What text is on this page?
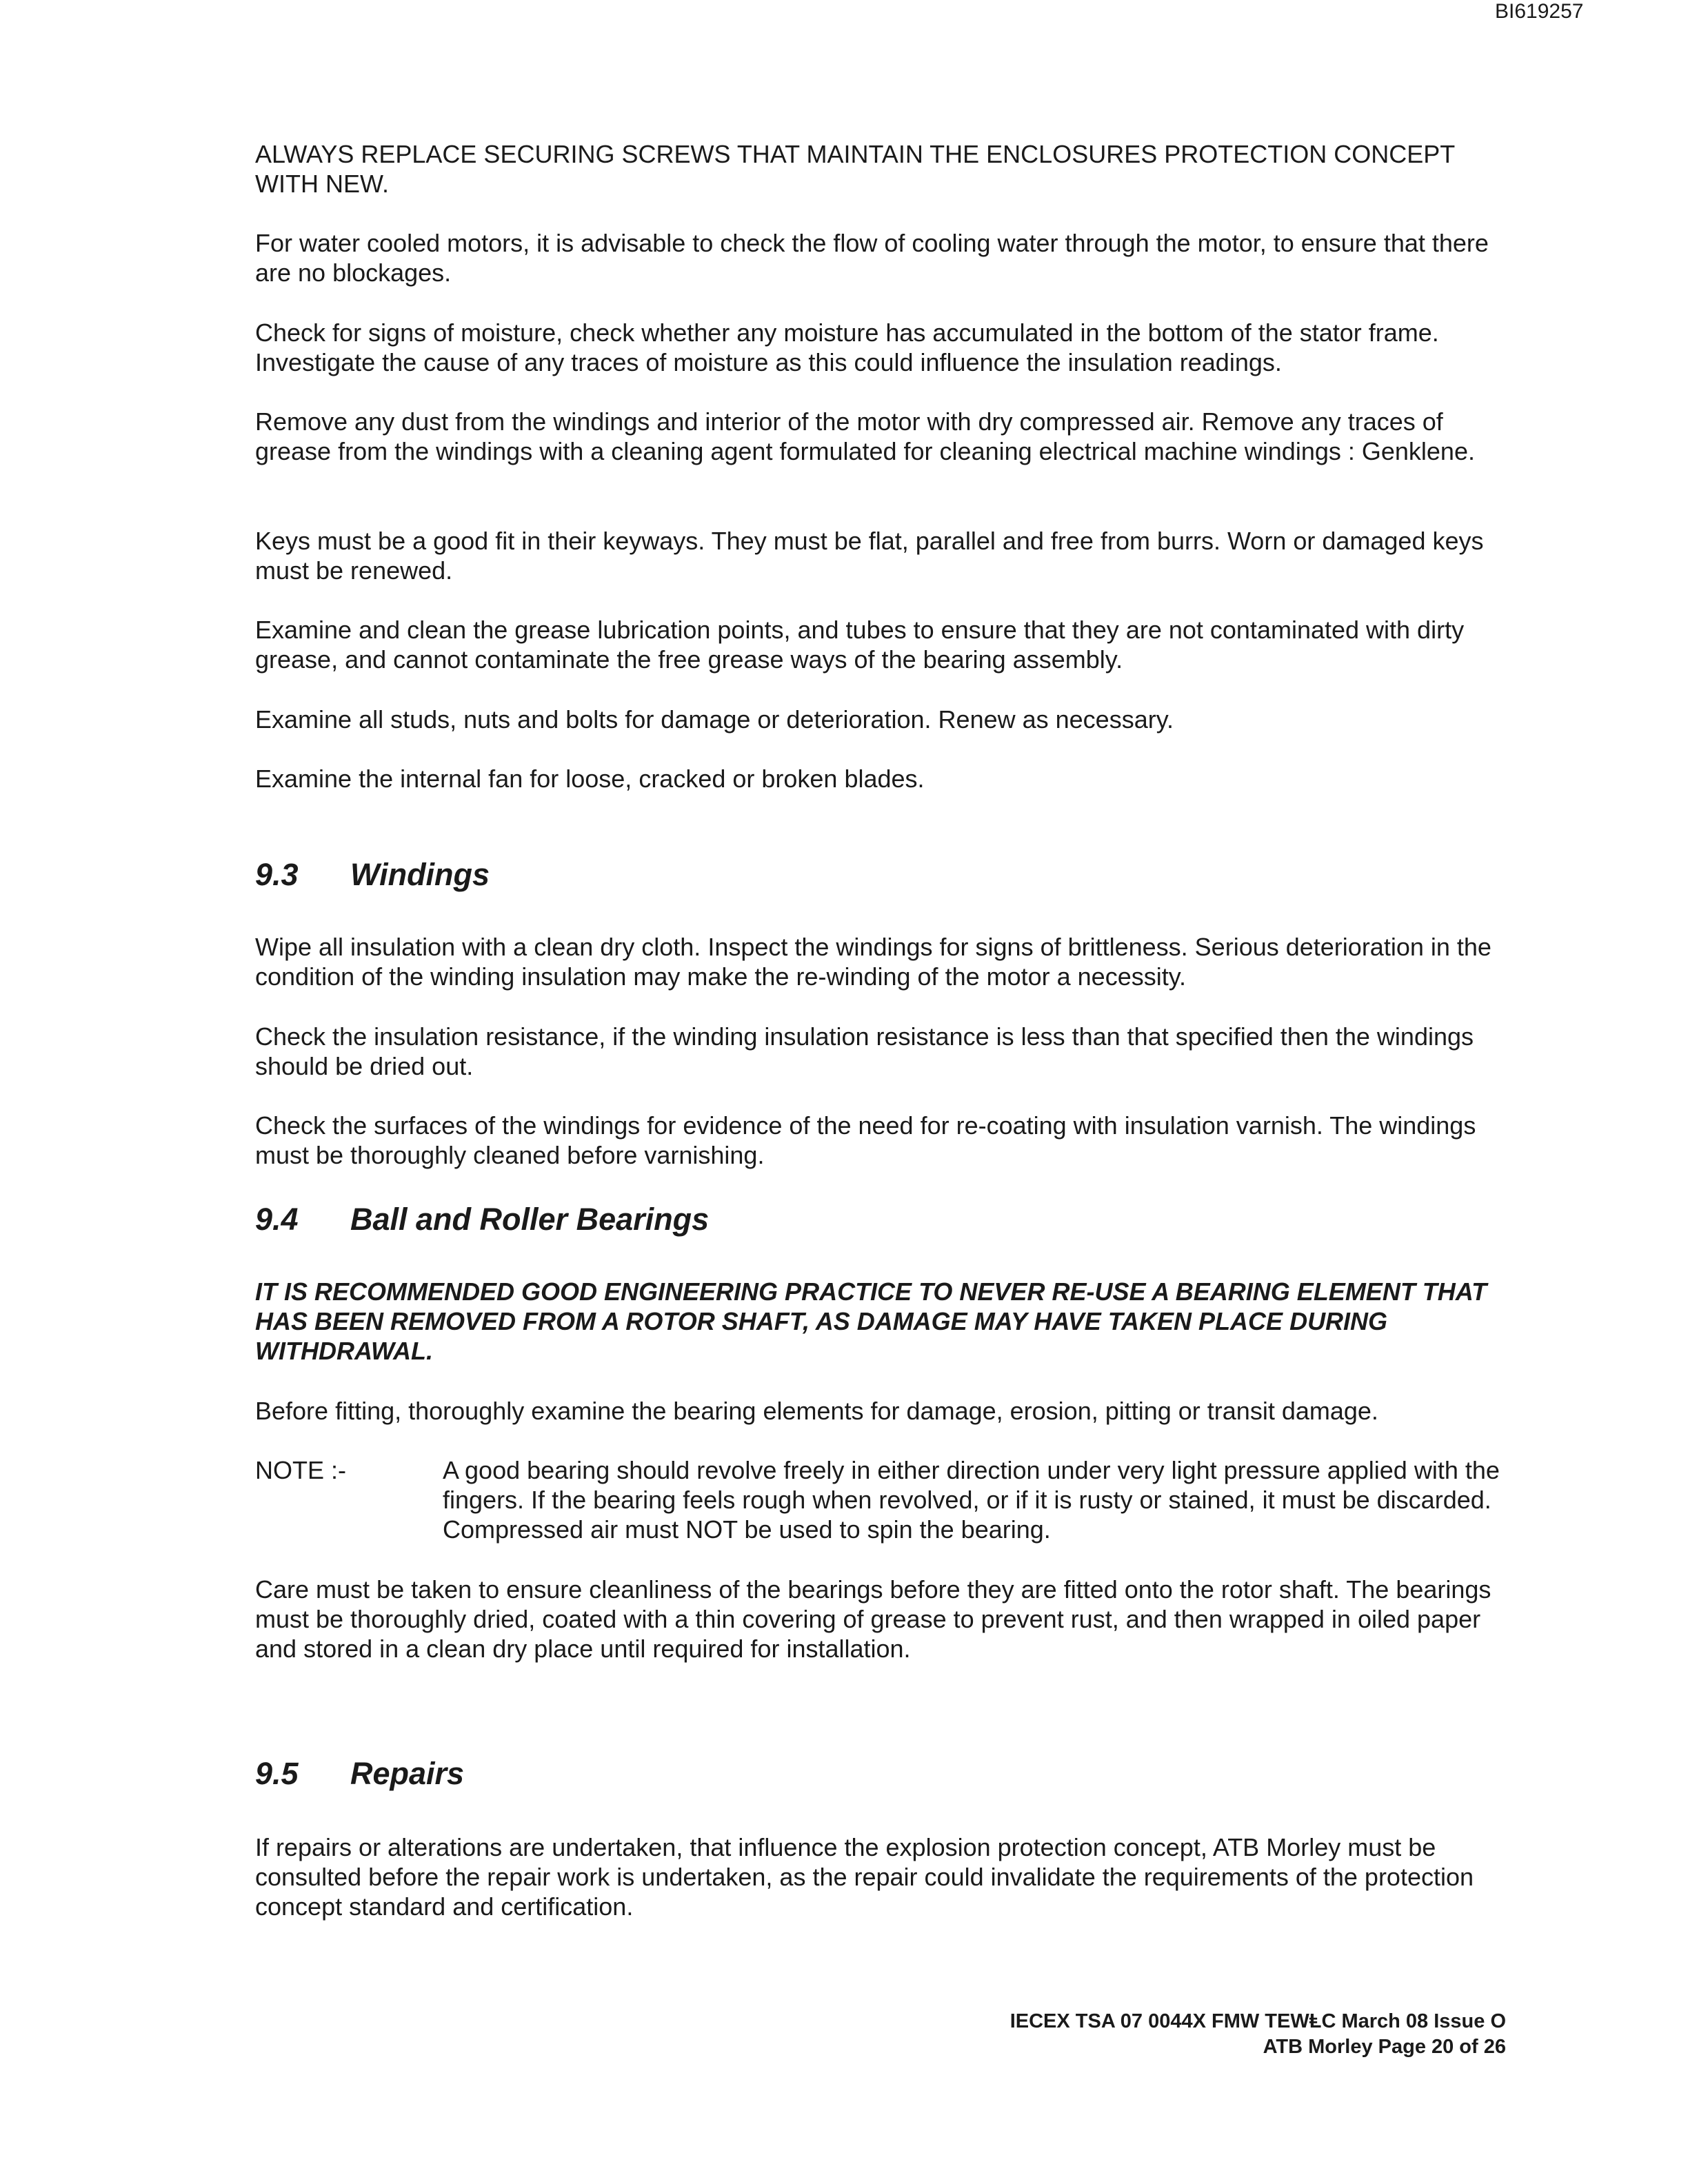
BI619257

ALWAYS REPLACE SECURING SCREWS THAT MAINTAIN THE ENCLOSURES PROTECTION CONCEPT WITH NEW.

For water cooled motors, it is advisable to check the flow of cooling water through the motor, to ensure that there are no blockages.

Check for signs of moisture, check whether any moisture has accumulated in the bottom of the stator frame. Investigate the cause of any traces of moisture as this could influence the insulation readings.

Remove any dust from the windings and interior of the motor with dry compressed air. Remove any traces of grease from the windings with a cleaning agent formulated for cleaning electrical machine windings : Genklene.

Keys must be a good fit in their keyways. They must be flat, parallel and free from burrs. Worn or damaged keys must be renewed.

Examine and clean the grease lubrication points, and tubes to ensure that they are not contaminated with dirty grease, and cannot contaminate the free grease ways of the bearing assembly.

Examine all studs, nuts and bolts for damage or deterioration. Renew as necessary.

Examine the internal fan for loose, cracked or broken blades.

9.3 Windings

Wipe all insulation with a clean dry cloth. Inspect the windings for signs of brittleness. Serious deterioration in the condition of the winding insulation may make the re-winding of the motor a necessity.

Check the insulation resistance, if the winding insulation resistance is less than that specified then the windings should be dried out.

Check the surfaces of the windings for evidence of the need for re-coating with insulation varnish. The windings must be thoroughly cleaned before varnishing.

9.4 Ball and Roller Bearings

IT IS RECOMMENDED GOOD ENGINEERING PRACTICE TO NEVER RE-USE A BEARING ELEMENT THAT HAS BEEN REMOVED FROM A ROTOR SHAFT, AS DAMAGE MAY HAVE TAKEN PLACE DURING WITHDRAWAL.

Before fitting, thoroughly examine the bearing elements for damage, erosion, pitting or transit damage.

NOTE :-	A good bearing should revolve freely in either direction under very light pressure applied with the fingers. If the bearing feels rough when revolved, or if it is rusty or stained, it must be discarded. Compressed air must NOT be used to spin the bearing.

Care must be taken to ensure cleanliness of the bearings before they are fitted onto the rotor shaft. The bearings must be thoroughly dried, coated with a thin covering of grease to prevent rust, and then wrapped in oiled paper and stored in a clean dry place until required for installation.

9.5 Repairs

If repairs or alterations are undertaken, that influence the explosion protection concept, ATB Morley must be consulted before the repair work is undertaken, as the repair could invalidate the requirements of the protection concept standard and certification.

IECEX TSA 07 0044X FMW TEWⱠC March 08 Issue O
ATB Morley Page 20 of 26
